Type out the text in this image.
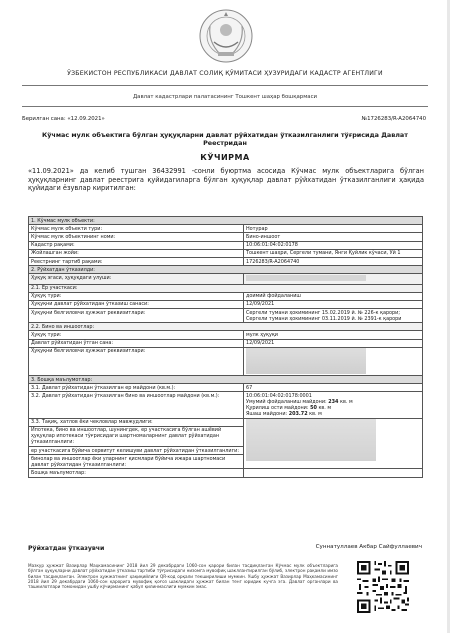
ЎЗБЕКИСТОН РЕСПУБЛИКАСИ ДАВЛАТ СОЛИҚ ҚЎМИТАСИ ҲУЗУРИДАГИ КАДАСТР АГЕНТЛИГИ
Давлат кадастрлари палатасининг Тошкент шаҳар бошқармаси
Берилган сана: «12.09.2021»	№1726283/R-A2064740
Кўчмас мулк объектига бўлган ҳуқуқларни давлат рўйхатидан ўтказилганлиги тўғрисида Давлат Реестридан
КЎЧИРМА
«11.09.2021» да келиб тушган 36432991 -сонли буюртма асосида Кўчмас мулк объектларига бўлган ҳуқуқларнинг давлат реестрига қуйидагиларга бўлган ҳуқуқлар давлат рўйхатидан ўтказилганлиги ҳақида қуйидаги ёзувлар киритилган:
1. Кўчмас мулк объекти:	
Кўчмас мулк объекти тури:	Нотурар
Кўчмас мулк объектининг номи:	Бино-иншоот
Кадастр рақами:	10:06:01:04:02:0178
Жойлашган жойи:	Тошкент шаҳри, Сергели тумани, Янги Қуйлик кўчаси, Уй 1
Реестрнинг тартиб рақами:	1726283/R-A2064740
2. Рўйхатдан ўтказилди:	
Ҳуқуқ эгаси, ҳуқуқдаги улуши:	
2.1. Ер участкаси:	
Ҳуқуқ тури:	доимий фойдаланиш
Ҳуқуқни давлат рўйхатидан ўтказиш санаси:	12/09/2021
Ҳуқуқни белгиловчи ҳужжат реквизитлари:	Сергели тумани ҳокимининг 15.02.2019 й. № 226-к қарори;
Сергели тумани ҳокимининг 03.11.2019 й. № 2391-к қарори

2.2. Бино ва иншоотлар:	
Ҳуқуқ тури:	мулк ҳуқуқи
Давлат рўйхатидан ўтган сана:	12/09/2021
Ҳуқуқни белгиловчи ҳужжат реквизитлари:	

3. Бошқа маълумотлар:	
3.1. Давлат рўйхатидан ўтказилган ер майдони (кв.м.):	67
3.2. Давлат рўйхатидан ўтказилган бино ва иншоотлар майдони (кв.м.):	10:06:01:04:02:0178:0001
Умумий фойдаланиш майдони: 234 кв. м
Қурилиш ости майдони: 50 кв. м
Яшаш майдони: 203.72 кв. м

3.3. Тақиқ, хатлов ёки чекловлар мавжудлиги:	

Ипотека, бино ва иншоотлар, шунингдек, ер участкасига бўлган ашёвий ҳуқуқлар ипотекаси тўғрисидаги шартномаларнинг давлат рўйхатидан ўтказилганлиги:	
ер участкасига бўйича сервитут келишуви давлат рўйхатидан ўтказилганлиги:	
бинолар ва иншоотлар ёки уларнинг қисмлари бўйича ижара шартномаси давлат рўйхатидан ўтказилганлиги:	
Бошқа маълумотлар:	
Рўйхатдан ўтказувчи	Суннатуллаев Акбар Сайфуллаевич
Мазкур ҳужжат Вазирлар Маҳкамасининг 2018 йил 29 декабрдаги 1060-сон қарори билан тасдиқланган Кўчмас мулк объектларига бўлган ҳуқуқларни давлат рўйхатидан ўтказиш тартиби тўғрисидаги низомга мувофиқ шакллантирилган бўлиб, электрон рақамли имзо билан тасдиқланган. Электрон ҳужжатнинг ҳақиқийлиги QR-код орқали текширилиши мумкин. Ушбу ҳужжат Вазирлар Маҳкамасининг 2018 йил 29 декабрдаги 1060-сон қарорига мувофиқ қоғоз шаклидаги ҳужжат билан тенг юридик кучга эга. Давлат органлари ва ташкилотлари томонидан ушбу кўчирманинг қабул қилинмаслиги мумкин эмас.
